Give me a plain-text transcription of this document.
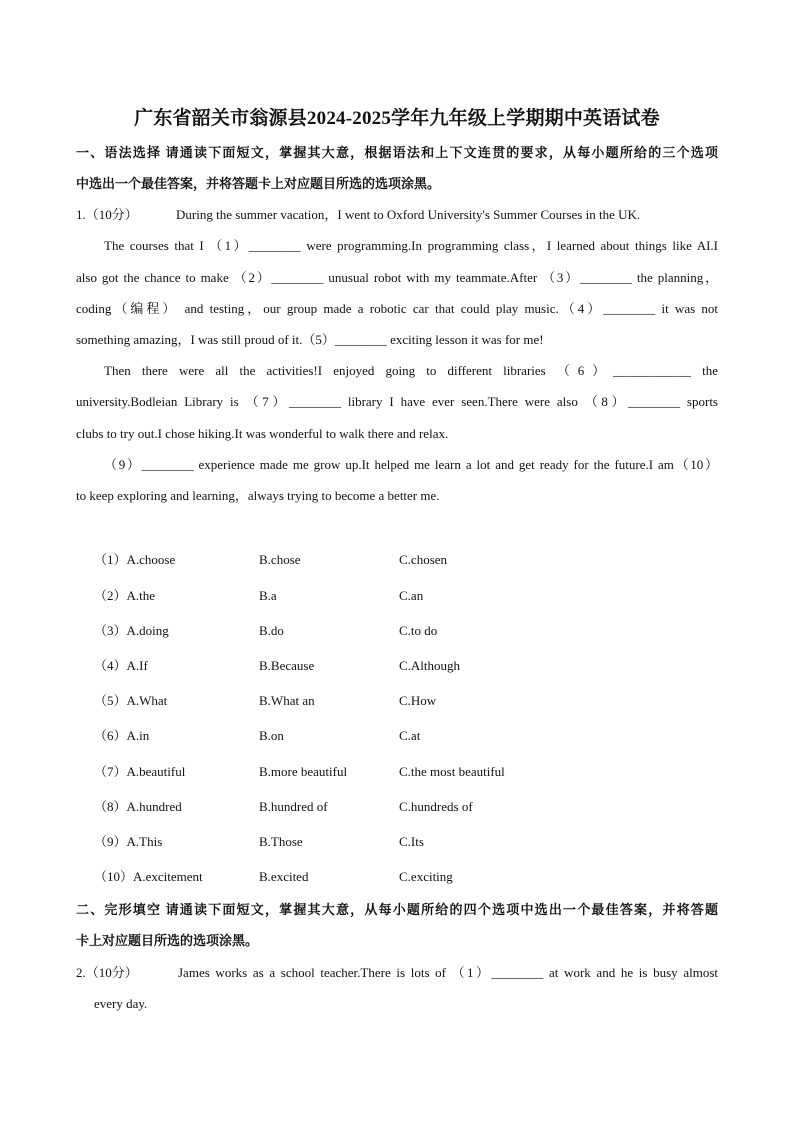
广东省韶关市翁源县2024-2025学年九年级上学期期中英语试卷
一、语法选择 请通读下面短文，掌握其大意，根据语法和上下文连贯的要求，从每小题所给的三个选项
中选出一个最佳答案，并将答题卡上对应题目所选的选项涂黑。
1.（10分）	During the summer vacation，I went to Oxford University's Summer Courses in the UK.
The courses that I （1）________ were programming.In programming class，I learned about things like AI.I
also got the chance to make （2）________ unusual robot with my teammate.After （3）________ the planning，
coding（编程） and testing，our group made a robotic car that could play music.（4）________ it was not
something amazing，I was still proud of it.（5）________ exciting lesson it was for me!
Then there were all the activities!I enjoyed going to different libraries （6）____________ the
university.Bodleian Library is （7）________ library I have ever seen.There were also （8）________ sports
clubs to try out.I chose hiking.It was wonderful to walk there and relax.
（9）________ experience made me grow up.It helped me learn a lot and get ready for the future.I am（10）
to keep exploring and learning，always trying to become a better me.
（1）A.choose	B.chose	C.chosen
（2）A.the	B.a	C.an
（3）A.doing	B.do	C.to do
（4）A.If	B.Because	C.Although
（5）A.What	B.What an	C.How
（6）A.in	B.on	C.at
（7）A.beautiful	B.more beautiful	C.the most beautiful
（8）A.hundred	B.hundred of	C.hundreds of
（9）A.This	B.Those	C.Its
（10）A.excitement	B.excited	C.exciting
二、完形填空 请通读下面短文，掌握其大意，从每小题所给的四个选项中选出一个最佳答案，并将答题
卡上对应题目所选的选项涂黑。
2.（10分）	James works as a school teacher.There is lots of （1）________ at work and he is busy almost
every day.
